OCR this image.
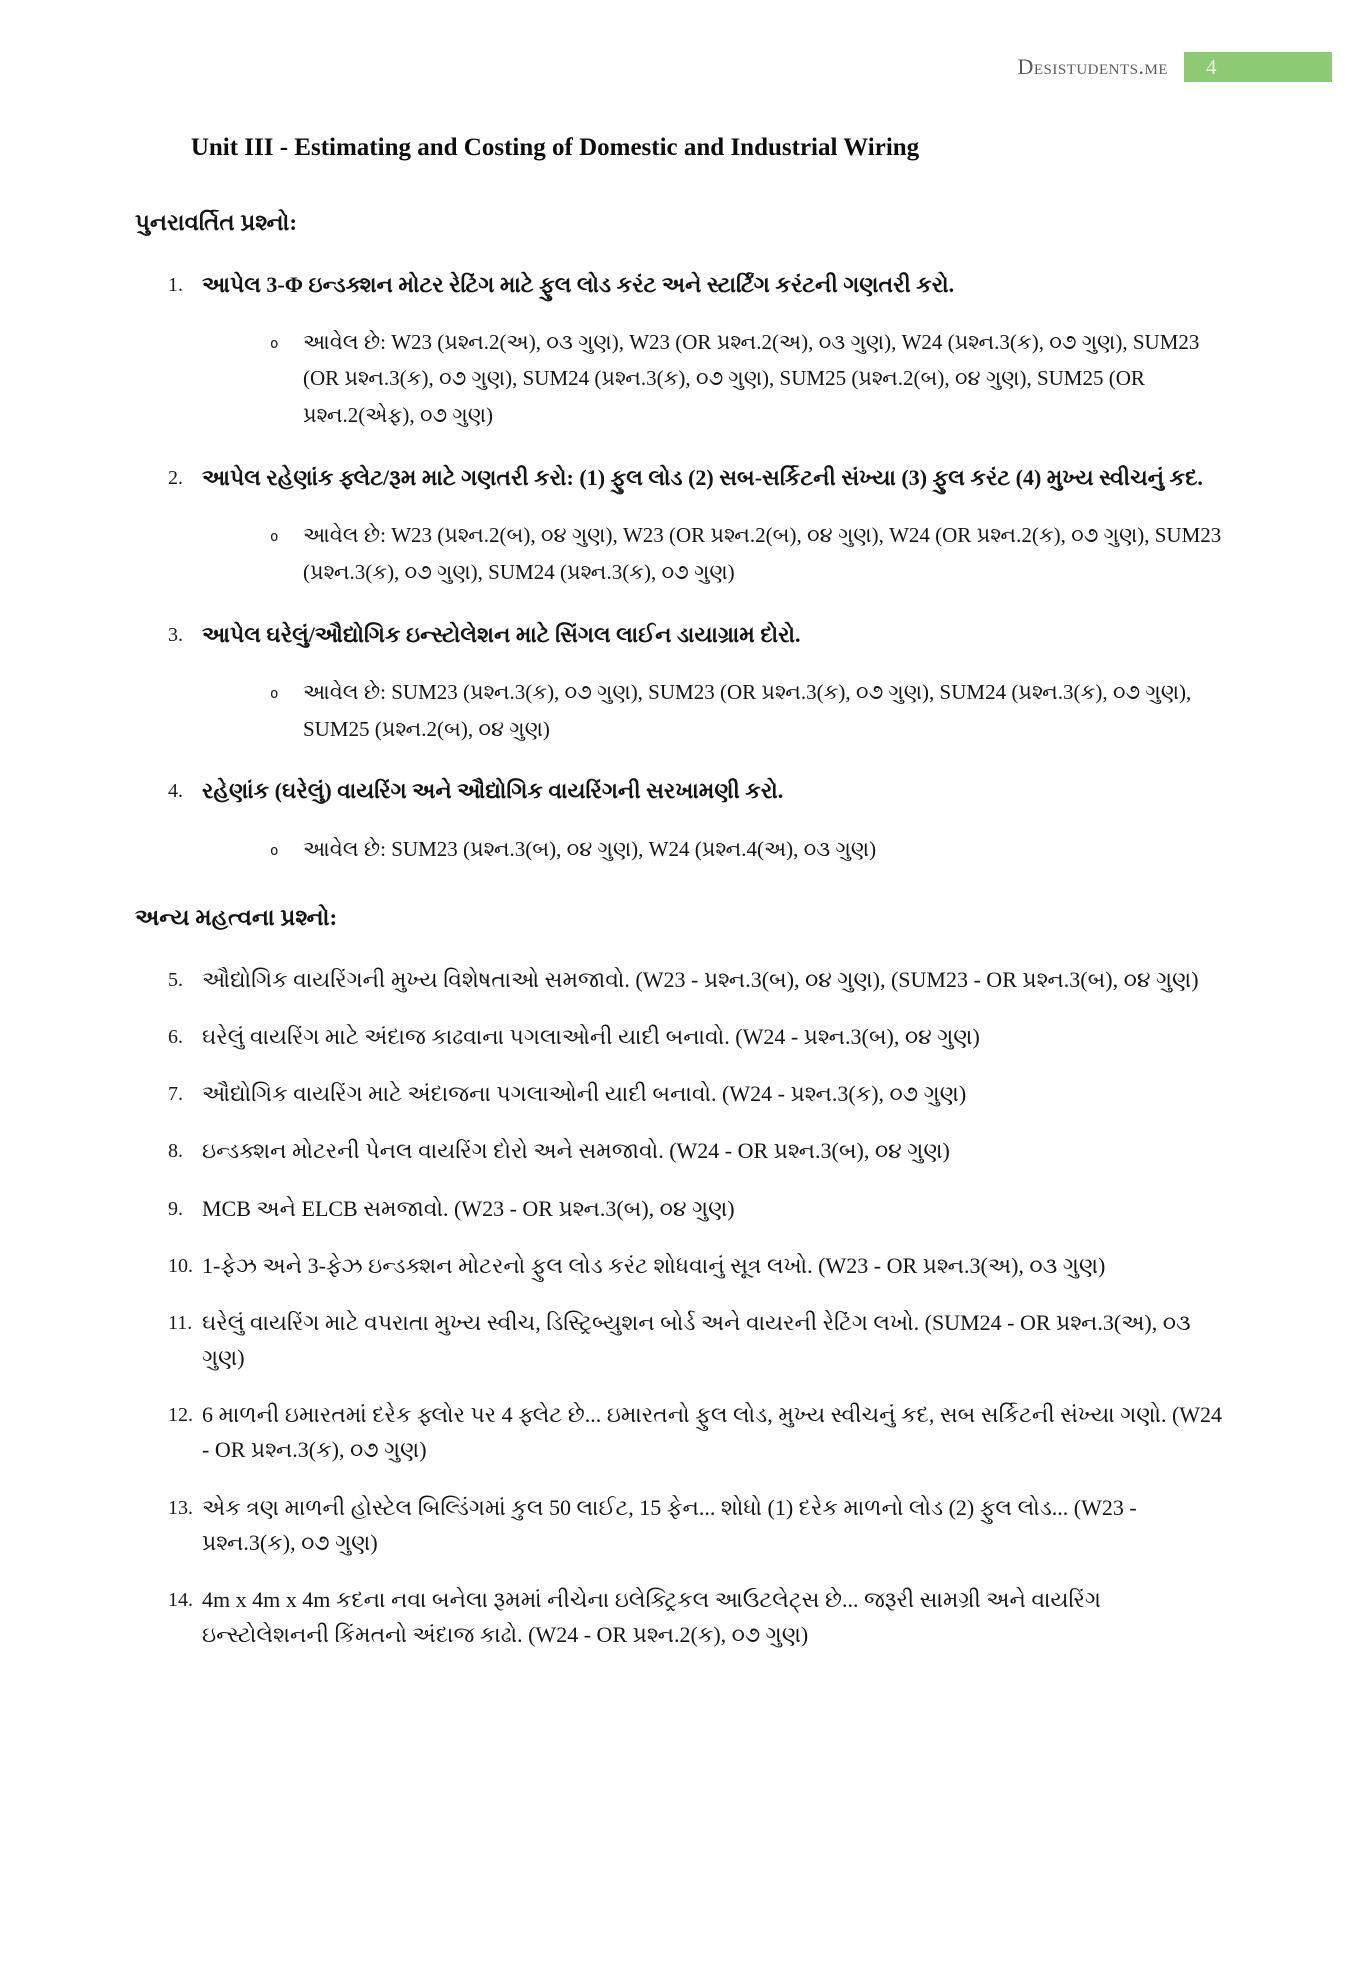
Desistudents.me 4
Unit III - Estimating and Costing of Domestic and Industrial Wiring
પુનરાવર્તિત પ્રશ્નો:
1. આપેલ 3-Φ ઇન્ડક્શન મોટર રેટિંગ માટે ફુલ લોડ કરંટ અને સ્ટાર્ટિંગ કરંટની ગણતરી કરો.
o	આવેલ છે: W23 (પ્રશ્ન.2(અ), ૦૩ ગુણ), W23 (OR પ્રશ્ન.2(અ), ૦૩ ગુણ), W24 (પ્રશ્ન.3(ક), ૦૭ ગુણ), SUM23 (OR પ્રશ્ન.3(ક), ૦૭ ગુણ), SUM24 (પ્રશ્ન.3(ક), ૦૭ ગુણ), SUM25 (પ્રશ્ન.2(બ), ૦૪ ગુણ), SUM25 (OR પ્રશ્ન.2(એફ), ૦૭ ગુણ)
2. આપેલ રહેણાંક ફ્લેટ/રૂમ માટે ગણતરી કરો: (1) ફુલ લોડ (2) સબ-સર્કિટની સંખ્યા (3) ફુલ કરંટ (4) મુખ્ય સ્વીચનું કદ.
o	આવેલ છે: W23 (પ્રશ્ન.2(બ), ૦૪ ગુણ), W23 (OR પ્રશ્ન.2(બ), ૦૪ ગુણ), W24 (OR પ્રશ્ન.2(ક), ૦૭ ગુણ), SUM23 (પ્રશ્ન.3(ક), ૦૭ ગુણ), SUM24 (પ્રશ્ન.3(ક), ૦૭ ગુણ)
3. આપેલ ઘરેલું/ઔદ્યોગિક ઇન્સ્ટોલેશન માટે સિંગલ લાઈન ડાયાગ્રામ દોરો.
o	આવેલ છે: SUM23 (પ્રશ્ન.3(ક), ૦૭ ગુણ), SUM23 (OR પ્રશ્ન.3(ક), ૦૭ ગુણ), SUM24 (પ્રશ્ન.3(ક), ૦૭ ગુણ), SUM25 (પ્રશ્ન.2(બ), ૦૪ ગુણ)
4. રહેણાંક (ઘરેલું) વાયરિંગ અને ઔદ્યોગિક વાયરિંગની સરખામણી કરો.
o	આવેલ છે: SUM23 (પ્રશ્ન.3(બ), ૦૪ ગુણ), W24 (પ્રશ્ન.4(અ), ૦૩ ગુણ)
અન્ય મહત્વના પ્રશ્નો:
5. ઔદ્યોગિક વાયરિંગની મુખ્ય વિશેષતાઓ સમજાવો. (W23 - પ્રશ્ન.3(બ), ૦૪ ગુણ), (SUM23 - OR પ્રશ્ન.3(બ), ૦૪ ગુણ)
6. ઘરેલું વાયરિંગ માટે અંદાજ કાઢવાના પગલાઓની યાદી બનાવો. (W24 - પ્રશ્ન.3(બ), ૦૪ ગુણ)
7. ઔદ્યોગિક વાયરિંગ માટે અંદાજના પગલાઓની યાદી બનાવો. (W24 - પ્રશ્ન.3(ક), ૦૭ ગુણ)
8. ઇન્ડક્શન મોટરની પેનલ વાયરિંગ દોરો અને સમજાવો. (W24 - OR પ્રશ્ન.3(બ), ૦૪ ગુણ)
9. MCB અને ELCB સમજાવો. (W23 - OR પ્રશ્ન.3(બ), ૦૪ ગુણ)
10. 1-ફેઝ અને 3-ફેઝ ઇન્ડક્શન મોટરનો ફુલ લોડ કરંટ શોધવાનું સૂત્ર લખો. (W23 - OR પ્રશ્ન.3(અ), ૦૩ ગુણ)
11. ઘરેલું વાયરિંગ માટે વપરાતા મુખ્ય સ્વીચ, ડિસ્ટ્રિબ્યુશન બોર્ડ અને વાયરની રેટિંગ લખો. (SUM24 - OR પ્રશ્ન.3(અ), ૦૩ ગુણ)
12. 6 માળની ઇમારતમાં દરેક ફ્લોર પર 4 ફ્લેટ છે... ઇમારતનો ફુલ લોડ, મુખ્ય સ્વીચનું કદ, સબ સર્કિટની સંખ્યા ગણો. (W24 - OR પ્રશ્ન.3(ક), ૦૭ ગુણ)
13. એક ત્રણ માળની હોસ્ટેલ બિલ્ડિંગમાં કુલ 50 લાઈટ, 15 ફેન... શોધો (1) દરેક માળનો લોડ (2) ફુલ લોડ... (W23 - પ્રશ્ન.3(ક), ૦૭ ગુણ)
14. 4m x 4m x 4m કદના નવા બનેલા રૂમમાં નીચેના ઇલેક્ટ્રિકલ આઉટલેટ્સ છે... જરૂરી સામગ્રી અને વાયરિંગ ઇન્સ્ટોલેશનની કિંમતનો અંદાજ કાઢો. (W24 - OR પ્રશ્ન.2(ક), ૦૭ ગુણ)
